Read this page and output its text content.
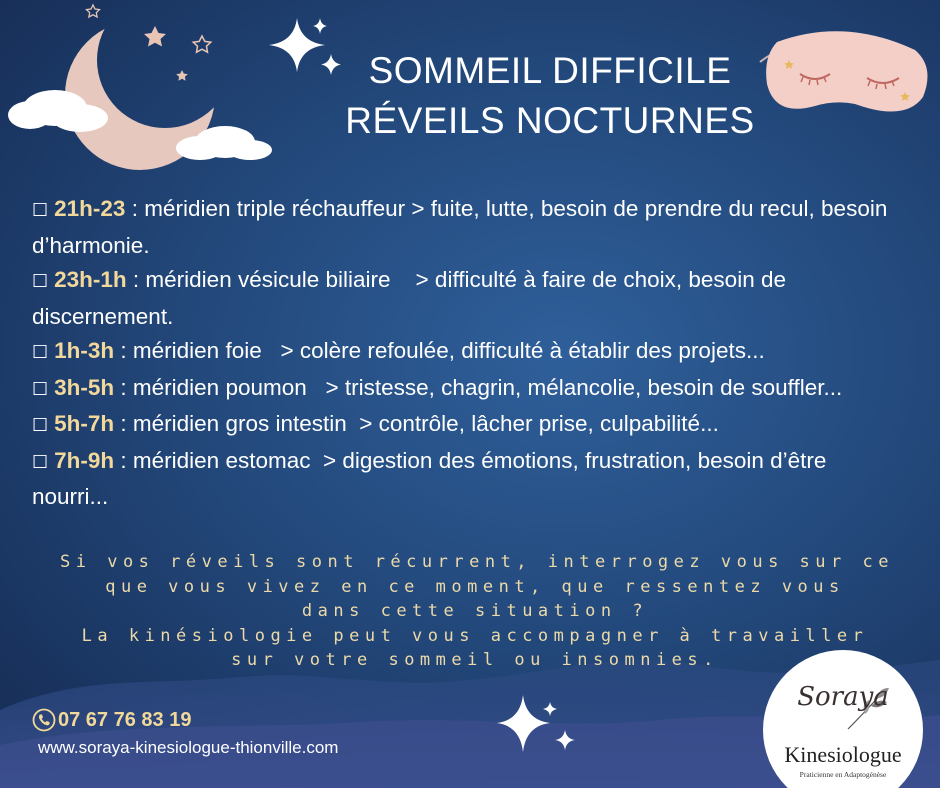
SOMMEIL DIFFICILE
RÉVEILS NOCTURNES

☐ 21h-23 : méridien triple réchauffeur > fuite, lutte, besoin de prendre du recul, besoin d’harmonie.

☐ 23h-1h : méridien vésicule biliaire    > difficulté à faire de choix, besoin de discernement.

☐ 1h-3h : méridien foie   > colère refoulée, difficulté à établir des projets...

☐ 3h-5h : méridien poumon   > tristesse, chagrin, mélancolie, besoin de souffler...

☐ 5h-7h : méridien gros intestin  > contrôle, lâcher prise, culpabilité...

☐ 7h-9h : méridien estomac  > digestion des émotions, frustration, besoin d’être nourri...

Si vos réveils sont récurrent, interrogez vous sur ce
que vous vivez en ce moment, que ressentez vous
dans cette situation ?
La kinésiologie peut vous accompagner à travailler
sur votre sommeil ou insomnies.
07 67 76 83 19
www.soraya-kinesiologue-thionville.com
Soraya
Kinesiologue
Praticienne en Adaptogénèse
